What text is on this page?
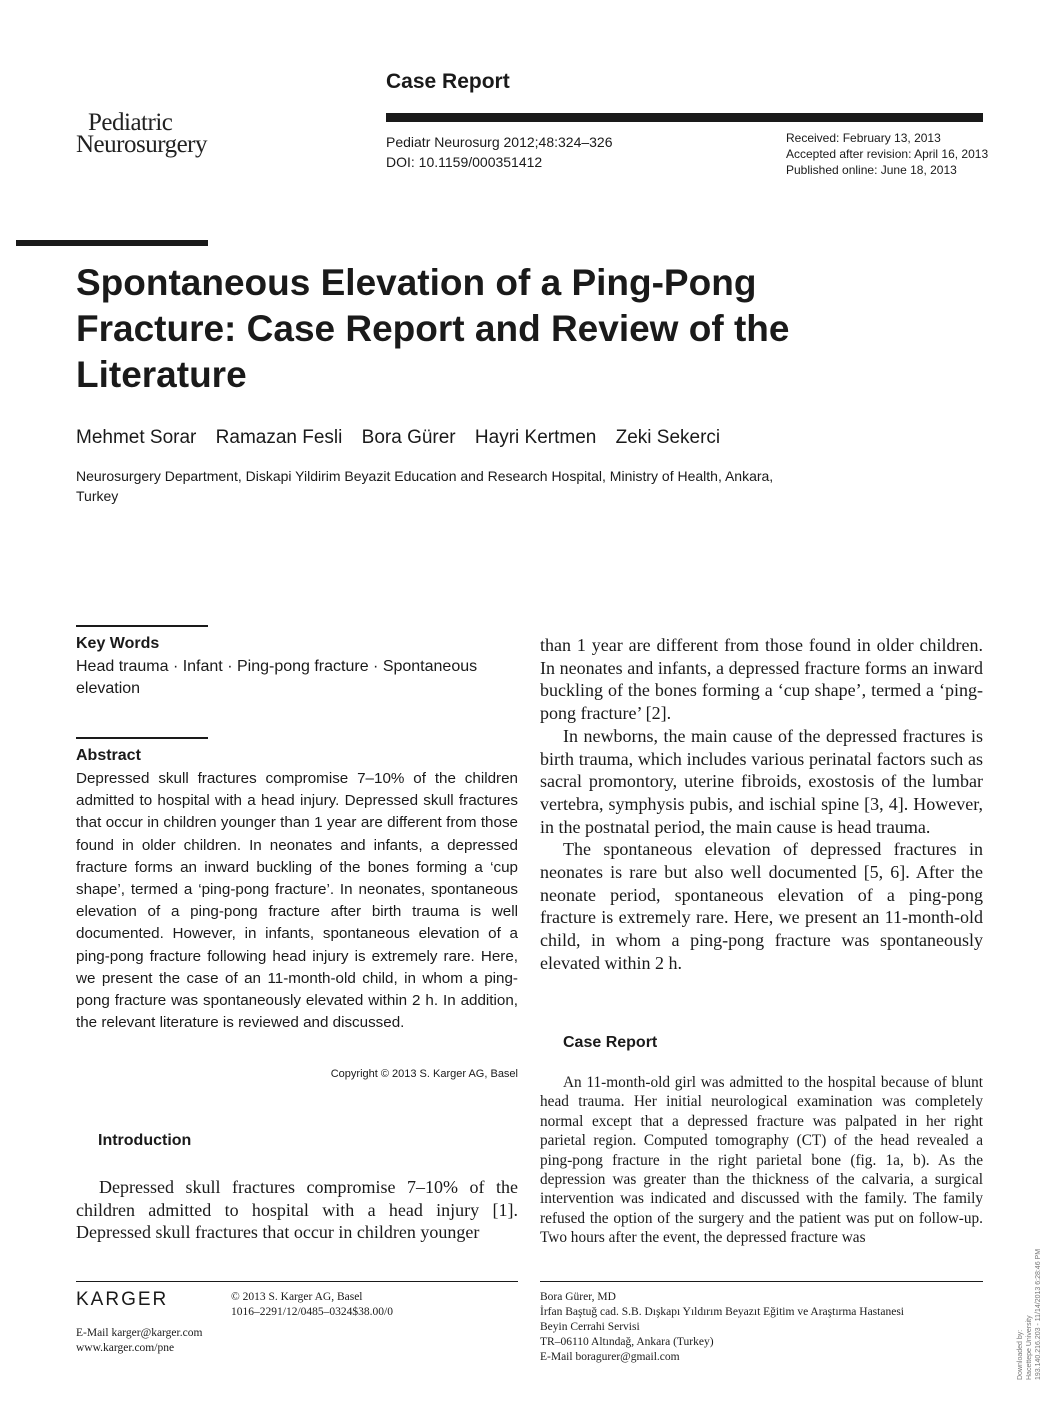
Pediatric
Neurosurgery
Case Report
Pediatr Neurosurg 2012;48:324–326
DOI: 10.1159/000351412
Received: February 13, 2013
Accepted after revision: April 16, 2013
Published online: June 18, 2013
Spontaneous Elevation of a Ping-Pong Fracture: Case Report and Review of the Literature
Mehmet Sorar Ramazan Fesli Bora Gürer Hayri Kertmen Zeki Sekerci
Neurosurgery Department, Diskapi Yildirim Beyazit Education and Research Hospital, Ministry of Health, Ankara, Turkey
Key Words
Head trauma · Infant · Ping-pong fracture · Spontaneous elevation
Abstract
Depressed skull fractures compromise 7–10% of the children admitted to hospital with a head injury. Depressed skull fractures that occur in children younger than 1 year are different from those found in older children. In neonates and infants, a depressed fracture forms an inward buckling of the bones forming a ‘cup shape’, termed a ‘ping-pong fracture’. In neonates, spontaneous elevation of a ping-pong fracture after birth trauma is well documented. However, in infants, spontaneous elevation of a ping-pong fracture following head injury is extremely rare. Here, we present the case of an 11-month-old child, in whom a ping-pong fracture was spontaneously elevated within 2 h. In addition, the relevant literature is reviewed and discussed.
Copyright © 2013 S. Karger AG, Basel
Introduction
Depressed skull fractures compromise 7–10% of the children admitted to hospital with a head injury [1]. Depressed skull fractures that occur in children younger

than 1 year are different from those found in older children. In neonates and infants, a depressed fracture forms an inward buckling of the bones forming a ‘cup shape’, termed a ‘ping-pong fracture’ [2].

In newborns, the main cause of the depressed fractures is birth trauma, which includes various perinatal factors such as sacral promontory, uterine fibroids, exostosis of the lumbar vertebra, symphysis pubis, and ischial spine [3, 4]. However, in the postnatal period, the main cause is head trauma.

The spontaneous elevation of depressed fractures in neonates is rare but also well documented [5, 6]. After the neonate period, spontaneous elevation of a ping-pong fracture is extremely rare. Here, we present an 11-month-old child, in whom a ping-pong fracture was spontaneously elevated within 2 h.

Case Report
An 11-month-old girl was admitted to the hospital because of blunt head trauma. Her initial neurological examination was completely normal except that a depressed fracture was palpated in her right parietal region. Computed tomography (CT) of the head revealed a ping-pong fracture in the right parietal bone (fig. 1a, b). As the depression was greater than the thickness of the calvaria, a surgical intervention was indicated and discussed with the family. The family refused the option of the surgery and the patient was put on follow-up. Two hours after the event, the depressed fracture was
KARGER	© 2013 S. Karger AG, Basel
1016–2291/12/0485–0324$38.00/0
E-Mail karger@karger.com
www.karger.com/pne
Bora Gürer, MD
İrfan Baştuğ cad. S.B. Dışkapı Yıldırım Beyazıt Eğitim ve Araştırma Hastanesi
Beyin Cerrahi Servisi
TR–06110 Altındağ, Ankara (Turkey)
E-Mail boragurer@gmail.com	Downloaded by: Hacettepe University 193.140.216.203 - 11/14/2013 6:28:46 PM
